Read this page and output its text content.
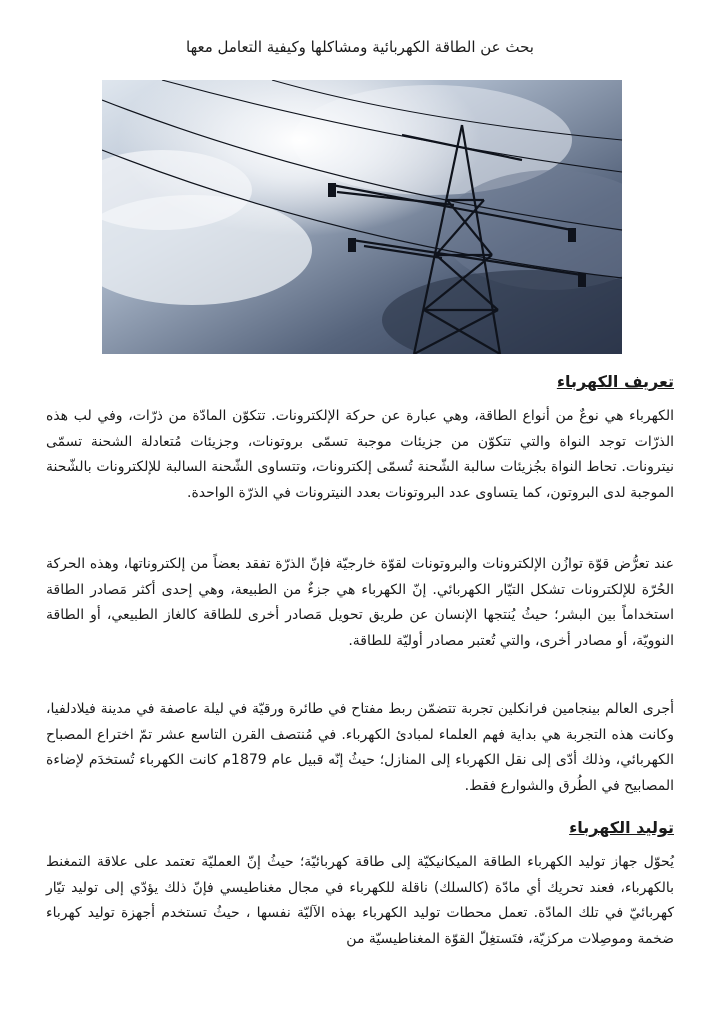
بحث عن الطاقة الكهربائية ومشاكلها وكيفية التعامل معها
تعريف الكهرباء

الكهرباء هي نوعٌ من أنواع الطاقة، وهي عبارة عن حركة الإلكترونات. تتكوّن المادّة من ذرّات، وفي لب هذه الذرّات توجد النواة والتي تتكوّن من جزيئات موجبة تسمّى بروتونات، وجزيئات مُتعادلة الشحنة تسمّى نيترونات. تحاط النواة بجُزيئات سالبة الشّحنة تُسمّى إلكترونات، وتتساوى الشّحنة السالبة للإلكترونات بالشّحنة الموجبة لدى البروتون، كما يتساوى عدد البروتونات بعدد النيترونات في الذرّة الواحدة.

عند تعرُّض قوّة توازُن الإلكترونات والبروتونات لقوّة خارجيّة فإنّ الذرّة تفقد بعضاً من إلكتروناتها، وهذه الحركة الحُرّة للإلكترونات تشكل التيّار الكهربائي. إنّ الكهرباء هي جزءٌ من الطبيعة، وهي إحدى أكثر مَصادر الطاقة استخداماً بين البشر؛ حيثُ يُنتجها الإنسان عن طريق تحويل مَصادر أخرى للطاقة كالغاز الطبيعي، أو الطاقة النوويّة، أو مصادر أخرى، والتي تُعتبر مصادر أوليّة للطاقة.

أجرى العالم بينجامين فرانكلين تجربة تتضمّن ربط مفتاح في طائرة ورقيّة في ليلة عاصفة في مدينة فيلادلفيا، وكانت هذه التجربة هي بداية فهم العلماء لمبادئ الكهرباء. في مُنتصف القرن التاسع عشر تمّ اختراع المصباح الكهربائي، وذلك أدّى إلى نقل الكهرباء إلى المنازل؛ حيثُ إنّه قبيل عام 1879م كانت الكهرباء تُستخدَم لإضاءة المصابيح في الطُرق والشوارع فقط.

توليد الكهرباء

يُحوّل جهاز توليد الكهرباء الطاقة الميكانيكيّة إلى طاقة كهربائيّة؛ حيثُ إنّ العمليّة تعتمد على علاقة التمغنط بالكهرباء، فعند تحريك أي مادّة (كالسلك) ناقلة للكهرباء في مجال مغناطيسي فإنّ ذلك يؤدّي إلى توليد تيّار كهربائيّ في تلك المادّة. تعمل محطات توليد الكهرباء بهذه الآليّة نفسها ، حيثُ تستخدم أجهزة توليد كهرباء ضخمة وموصِلات مركزيّة، فتَستغِلّ القوّة المغناطيسيّة من
